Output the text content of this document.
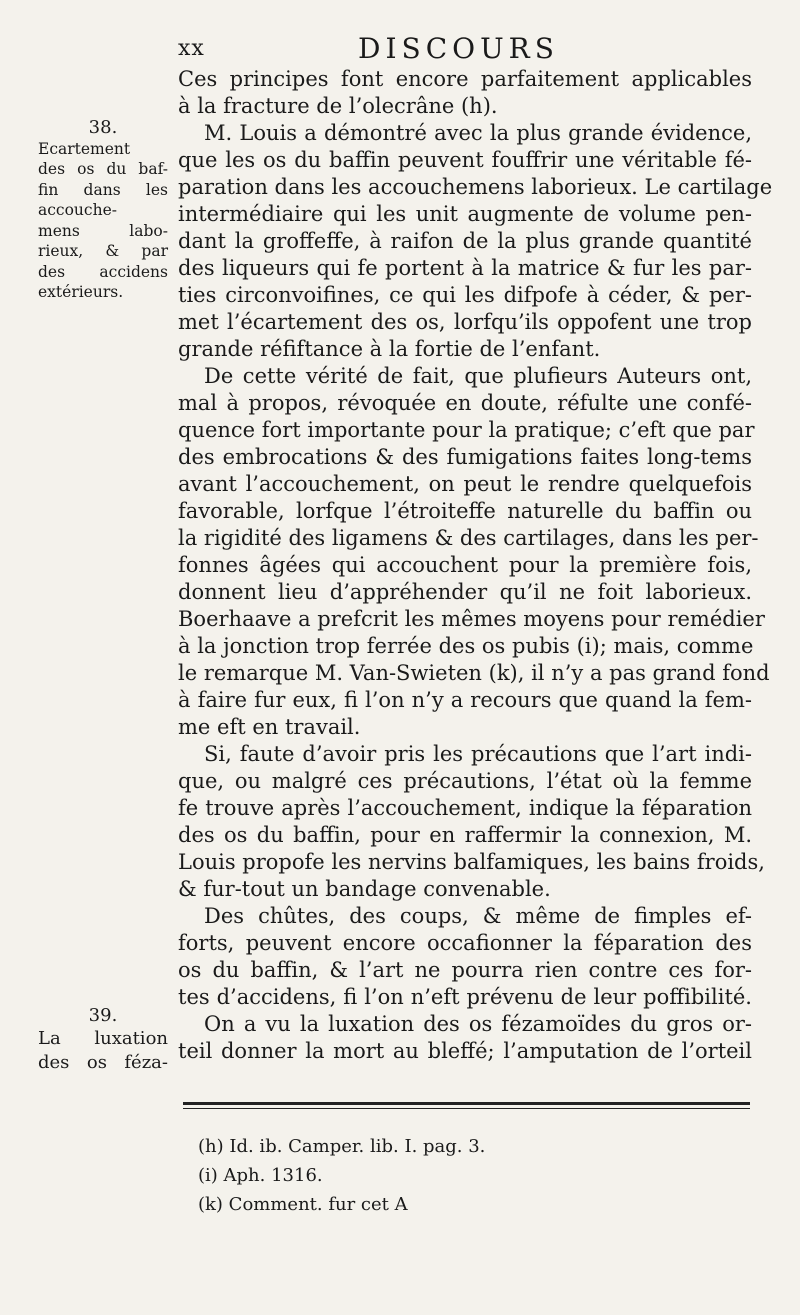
xx	DISCOURS
38.
Ecartement
des os du baf-
fin dans les
accouche-
mens labo-
rieux, & par
des accidens
extérieurs.
39.
La luxation
des os féza-
Ces principes font encore parfaitement applicables
à la fracture de l’olecrâne (h).
M. Louis a démontré avec la plus grande évidence,
que les os du baffin peuvent fouffrir une véritable fé-
paration dans les accouchemens laborieux. Le cartilage
intermédiaire qui les unit augmente de volume pen-
dant la groffeffe, à raifon de la plus grande quantité
des liqueurs qui fe portent à la matrice & fur les par-
ties circonvoifines, ce qui les difpofe à céder, & per-
met l’écartement des os, lorfqu’ils oppofent une trop
grande réfiftance à la fortie de l’enfant.
De cette vérité de fait, que plufieurs Auteurs ont,
mal à propos, révoquée en doute, réfulte une confé-
quence fort importante pour la pratique; c’eft que par
des embrocations & des fumigations faites long-tems
avant l’accouchement, on peut le rendre quelquefois
favorable, lorfque l’étroiteffe naturelle du baffin ou
la rigidité des ligamens & des cartilages, dans les per-
fonnes âgées qui accouchent pour la première fois,
donnent lieu d’appréhender qu’il ne foit laborieux.
Boerhaave a prefcrit les mêmes moyens pour remédier
à la jonction trop ferrée des os pubis (i); mais, comme
le remarque M. Van-Swieten (k), il n’y a pas grand fond
à faire fur eux, fi l’on n’y a recours que quand la fem-
me eft en travail.
Si, faute d’avoir pris les précautions que l’art indi-
que, ou malgré ces précautions, l’état où la femme
fe trouve après l’accouchement, indique la féparation
des os du baffin, pour en raffermir la connexion, M.
Louis propofe les nervins balfamiques, les bains froids,
& fur-tout un bandage convenable.
Des chûtes, des coups, & même de fimples ef-
forts, peuvent encore occafionner la féparation des
os du baffin, & l’art ne pourra rien contre ces for-
tes d’accidens, fi l’on n’eft prévenu de leur poffibilité.
On a vu la luxation des os fézamoïdes du gros or-
teil donner la mort au bleffé; l’amputation de l’orteil
(h) Id. ib. Camper. lib. I. pag. 3.
(i) Aph. 1316.
(k) Comment. fur cet A
